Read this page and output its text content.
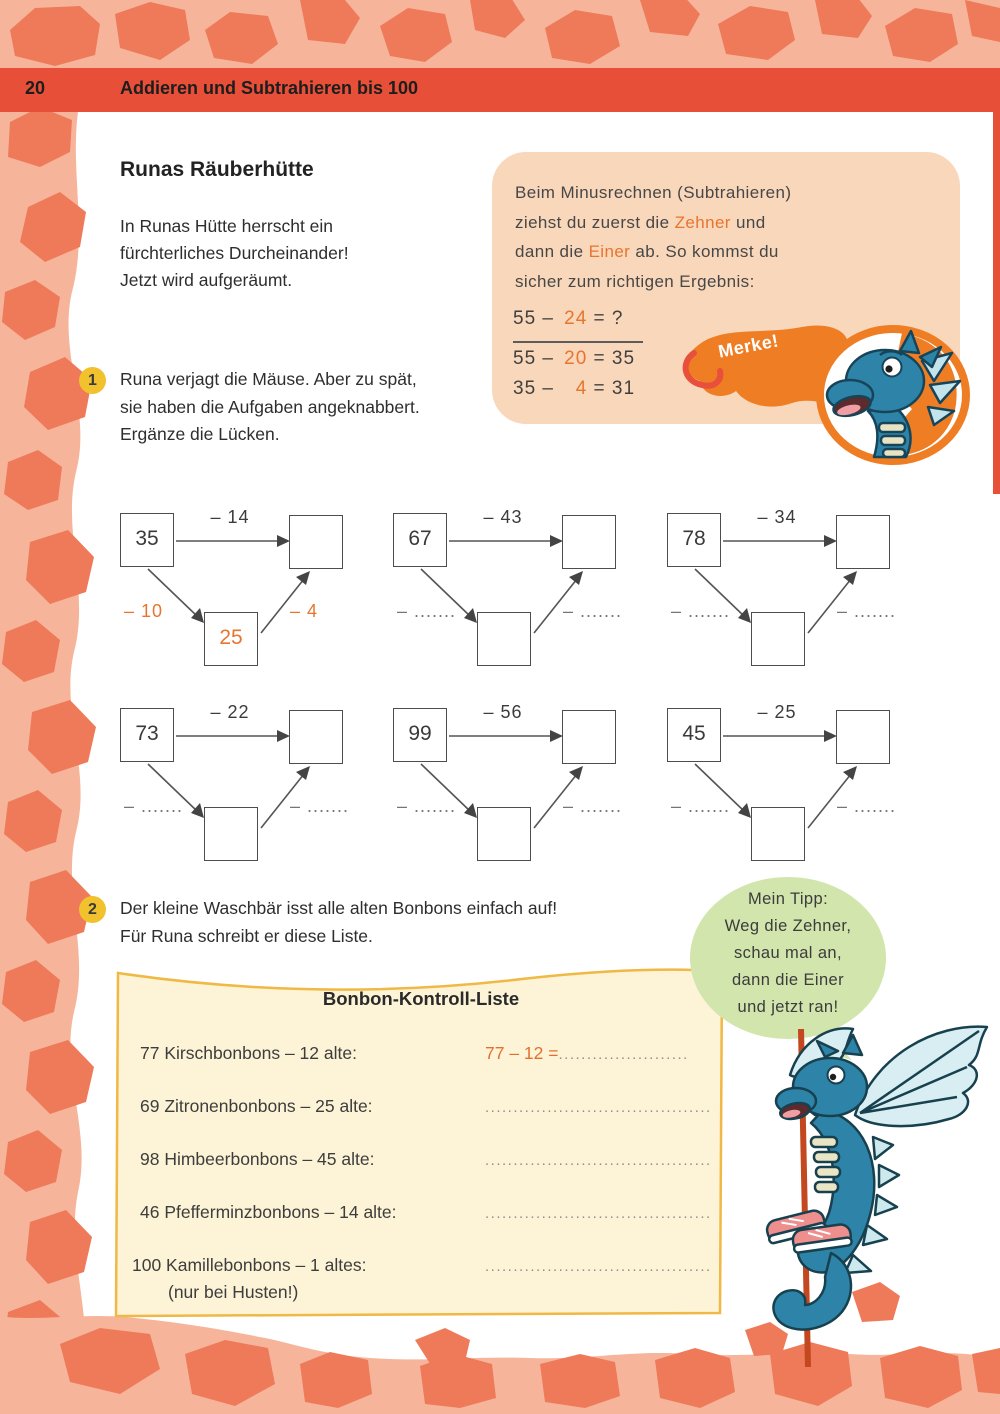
20	Addieren und Subtrahieren bis 100
Runas Räuberhütte
In Runas Hütte herrscht ein
fürchterliches Durcheinander!
Jetzt wird aufgeräumt.
Beim Minusrechnen (Subtrahieren)
ziehst du zuerst die Zehner und
dann die Einer ab. So kommst du
sicher zum richtigen Ergebnis:
55 – 24 = ?
55 – 20 = 35
35 – 4 = 31
Merke!
1	Runa verjagt die Mäuse. Aber zu spät,
sie haben die Aufgaben angeknabbert.
Ergänze die Lücken.
35
25
– 14
– 10	– 4
67
– 43
– .......	– .......
78
– 34
– .......	– .......
73
– 22
– .......	– .......
99
– 56
– .......	– .......
45
– 25
– .......	– .......
2	Der kleine Waschbär isst alle alten Bonbons einfach auf!
Für Runa schreibt er diese Liste.
Bonbon-Kontroll-Liste
77 Kirschbonbons – 12 alte:	77 – 12 =.......................
69 Zitronenbonbons – 25 alte:	........................................
98 Himbeerbonbons – 45 alte:	........................................
46 Pfefferminzbonbons – 14 alte:	........................................
100 Kamillebonbons – 1 altes:	........................................
(nur bei Husten!)
Mein Tipp:
Weg die Zehner,
schau mal an,
dann die Einer
und jetzt ran!
